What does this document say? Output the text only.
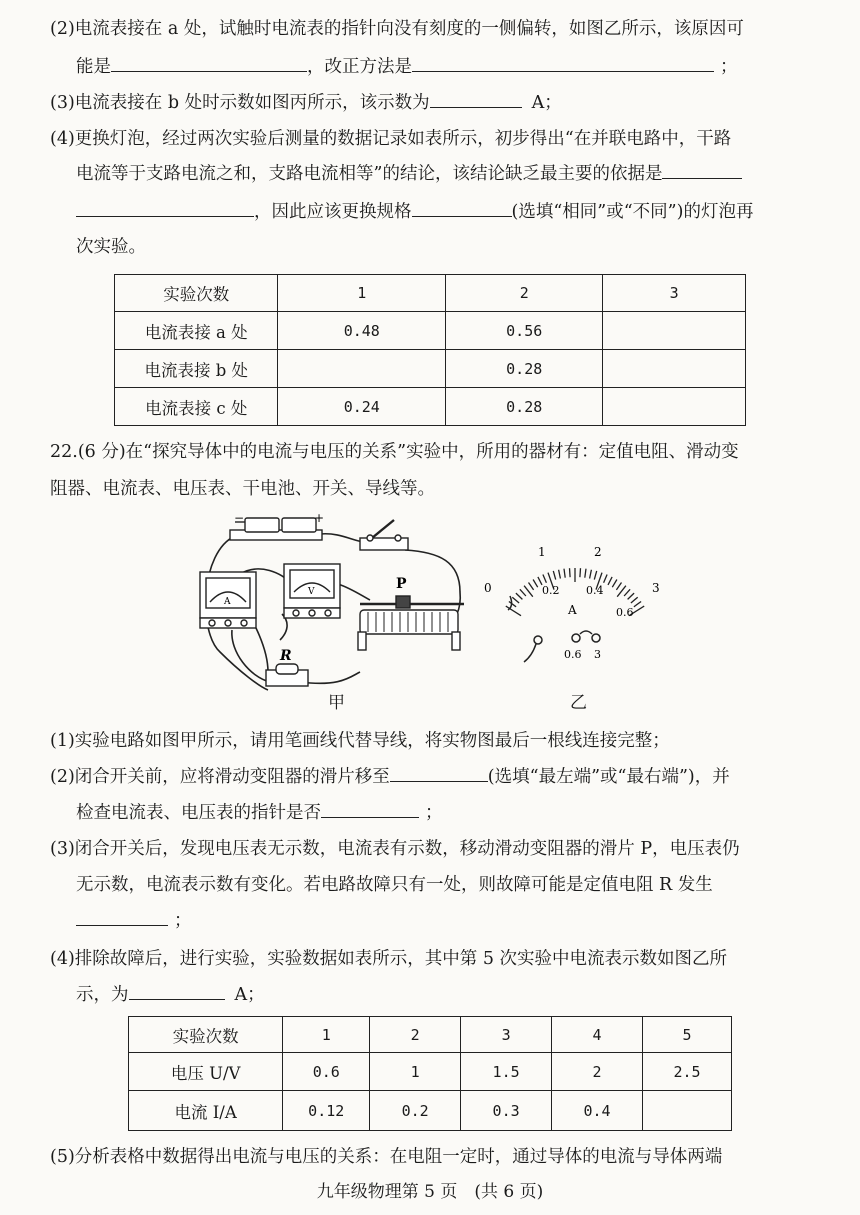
(2)电流表接在 a 处，试触时电流表的指针向没有刻度的一侧偏转，如图乙所示，该原因可
能是	，改正方法是	；
(3)电流表接在 b 处时示数如图丙所示，该示数为	A；
(4)更换灯泡，经过两次实验后测量的数据记录如表所示，初步得出“在并联电路中，干路
电流等于支路电流之和，支路电流相等”的结论，该结论缺乏最主要的依据是
，因此应该更换规格	(选填“相同”或“不同”)的灯泡再
次实验。
实验次数	1	2	3
电流表接 a 处	0.48	0.56	
电流表接 b 处		0.28	
电流表接 c 处	0.24	0.28	
22.(6 分)在“探究导体中的电流与电压的关系”实验中，所用的器材有：定值电阻、滑动变
阻器、电流表、电压表、干电池、开关、导线等。
−	+
A
V	P
R
甲
0
1	2
3
0.2 0.4
0.6
A
0.6 3
乙
(1)实验电路如图甲所示，请用笔画线代替导线，将实物图最后一根线连接完整；
(2)闭合开关前，应将滑动变阻器的滑片移至	(选填“最左端”或“最右端”)，并
检查电流表、电压表的指针是否	；
(3)闭合开关后，发现电压表无示数，电流表有示数，移动滑动变阻器的滑片 P，电压表仍
无示数，电流表示数有变化。若电路故障只有一处，则故障可能是定值电阻 R 发生
；
(4)排除故障后，进行实验，实验数据如表所示，其中第 5 次实验中电流表示数如图乙所
示，为	A；
实验次数	1	2	3	4	5
电压 U/V	0.6	1	1.5	2	2.5
电流 I/A	0.12	0.2	0.3	0.4	
(5)分析表格中数据得出电流与电压的关系：在电阻一定时，通过导体的电流与导体两端
九年级物理第 5 页　(共 6 页)
